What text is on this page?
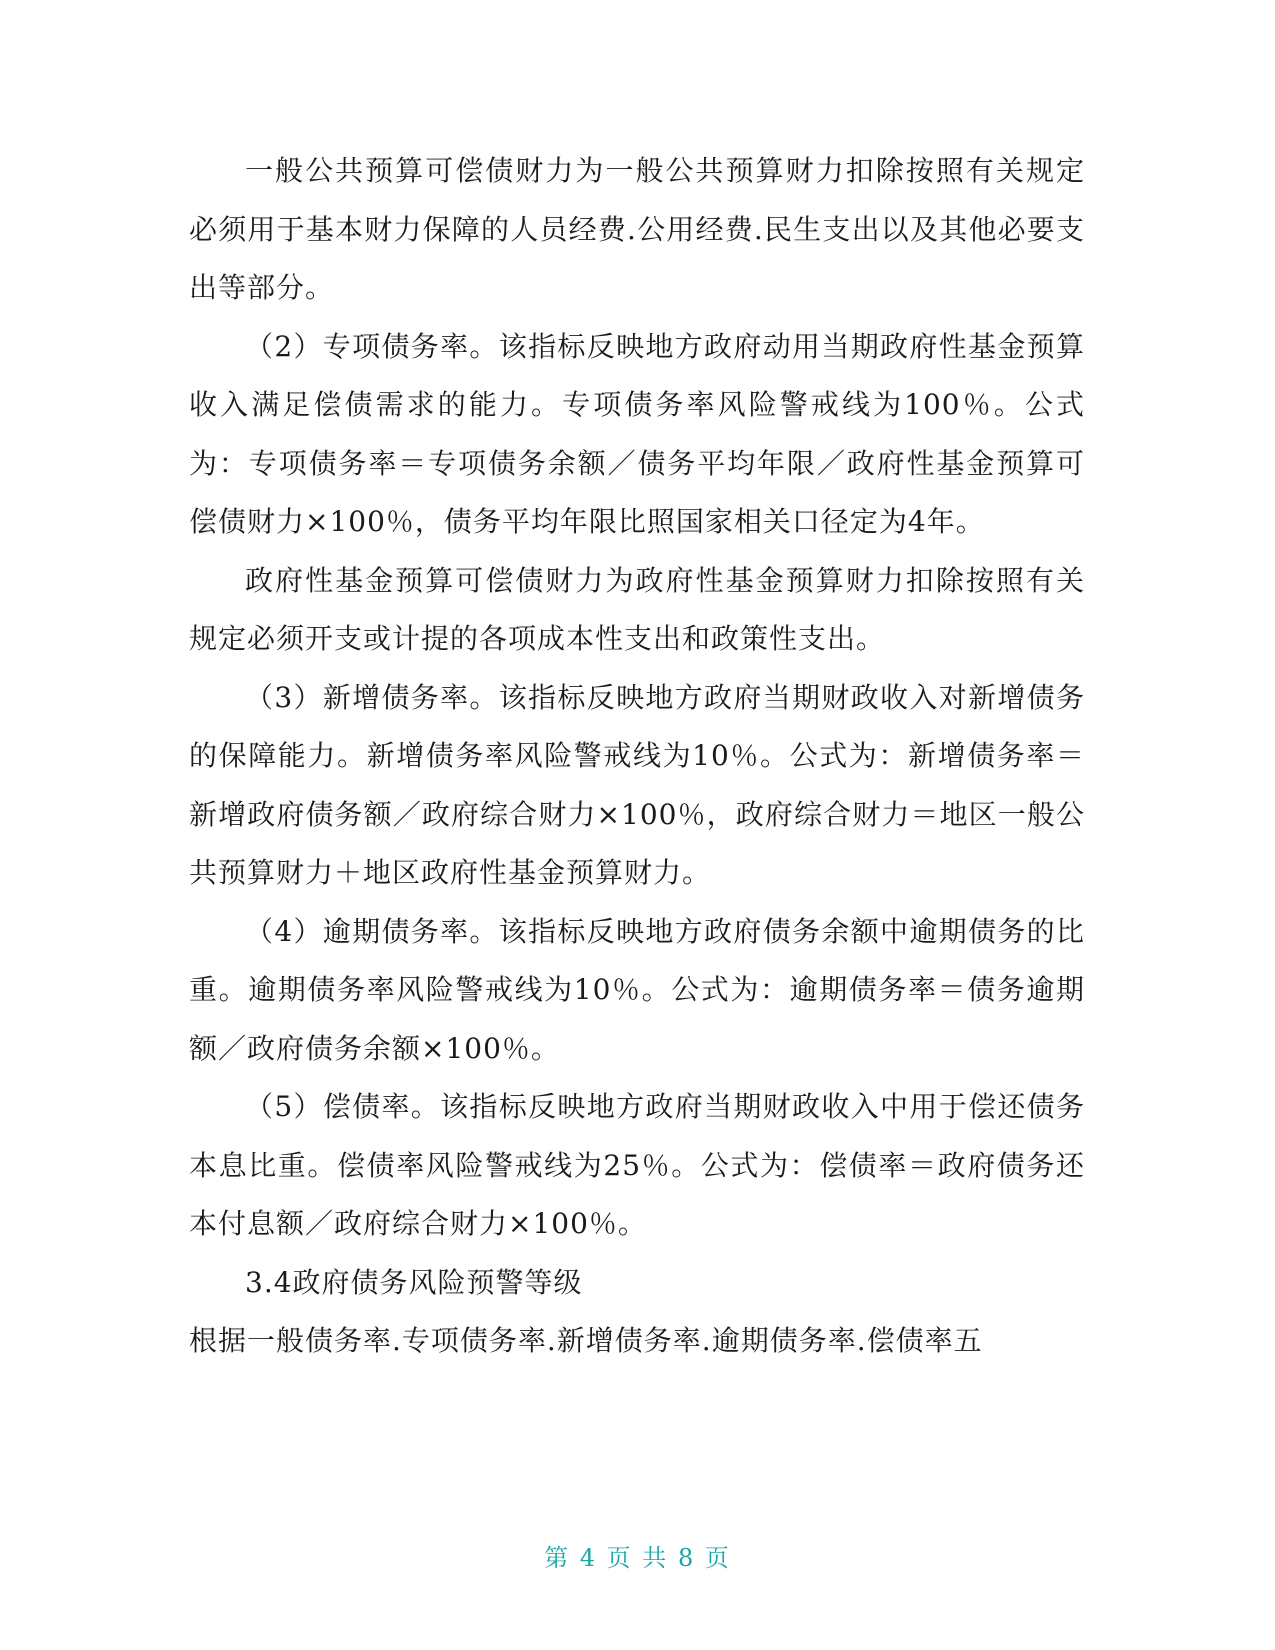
一般公共预算可偿债财力为一般公共预算财力扣除按照有关规定必须用于基本财力保障的人员经费.公用经费.民生支出以及其他必要支出等部分。

（2）专项债务率。该指标反映地方政府动用当期政府性基金预算收入满足偿债需求的能力。专项债务率风险警戒线为100％。公式为：专项债务率＝专项债务余额／债务平均年限／政府性基金预算可偿债财力×100％，债务平均年限比照国家相关口径定为4年。

政府性基金预算可偿债财力为政府性基金预算财力扣除按照有关规定必须开支或计提的各项成本性支出和政策性支出。

（3）新增债务率。该指标反映地方政府当期财政收入对新增债务的保障能力。新增债务率风险警戒线为10％。公式为：新增债务率＝新增政府债务额／政府综合财力×100％，政府综合财力＝地区一般公共预算财力＋地区政府性基金预算财力。

（4）逾期债务率。该指标反映地方政府债务余额中逾期债务的比重。逾期债务率风险警戒线为10％。公式为：逾期债务率＝债务逾期额／政府债务余额×100％。

（5）偿债率。该指标反映地方政府当期财政收入中用于偿还债务本息比重。偿债率风险警戒线为25％。公式为：偿债率＝政府债务还本付息额／政府综合财力×100％。

3.4政府债务风险预警等级

根据一般债务率.专项债务率.新增债务率.逾期债务率.偿债率五

第 4 页 共 8 页
